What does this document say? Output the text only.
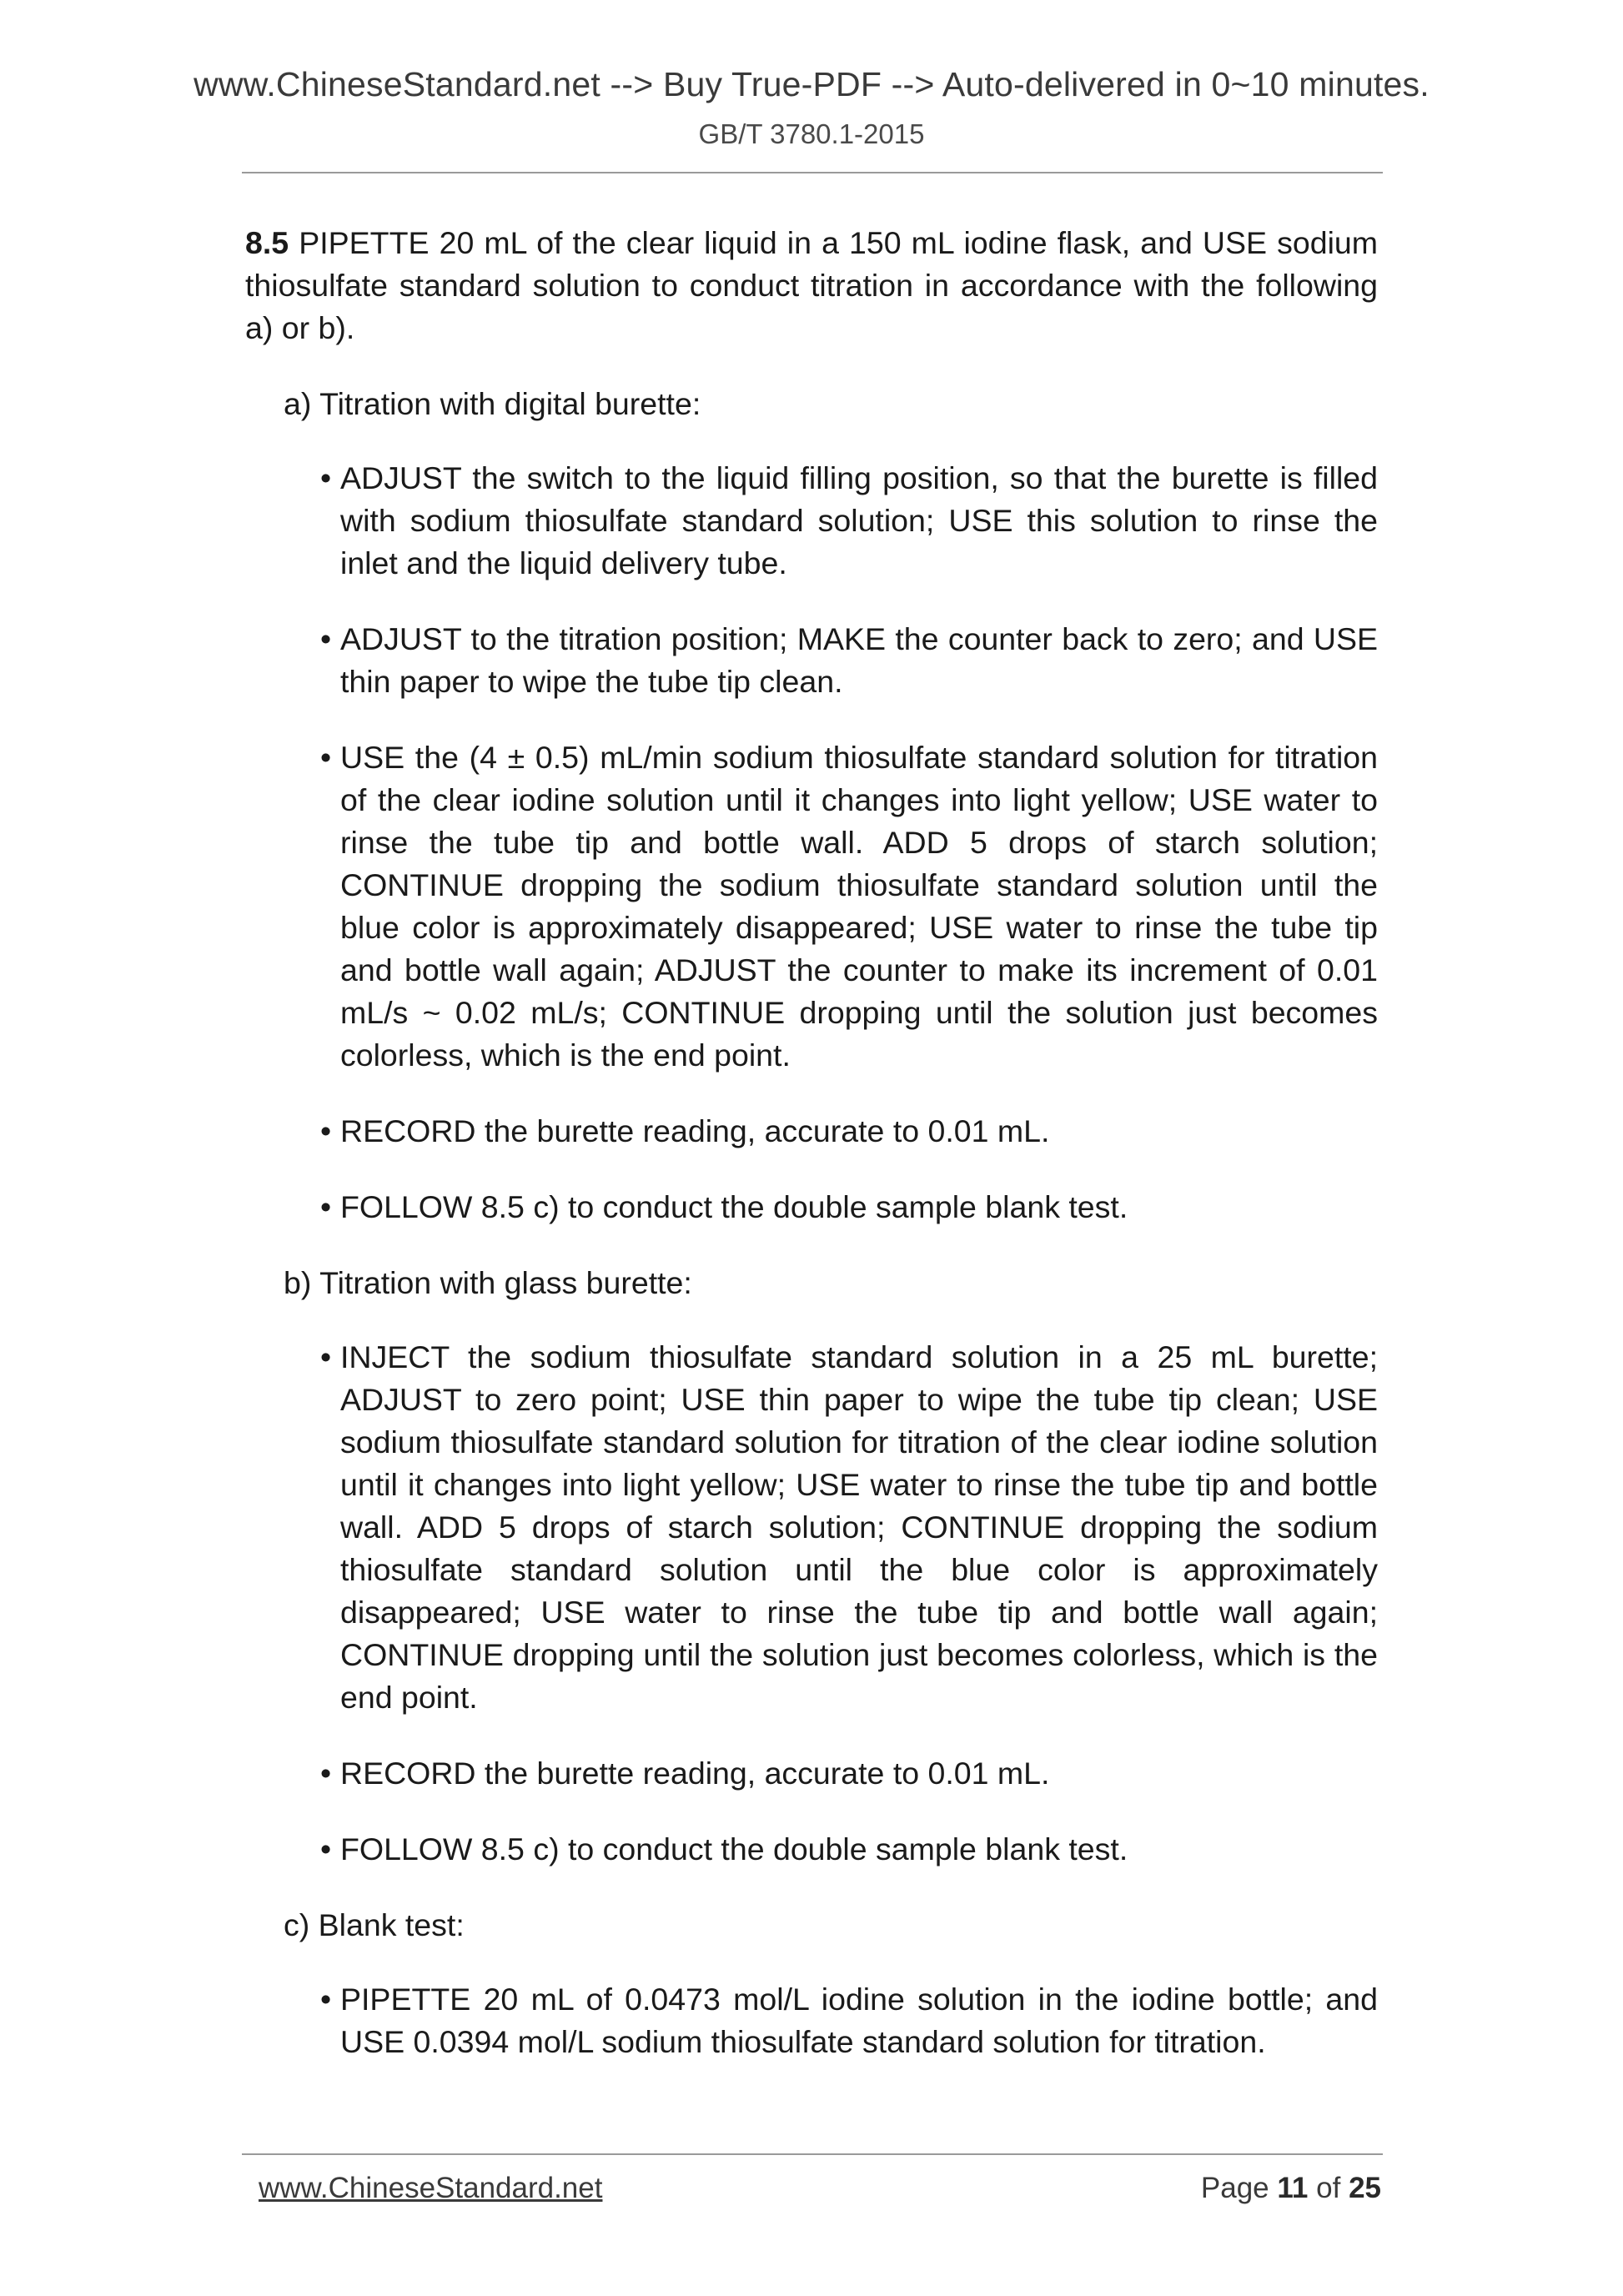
www.ChineseStandard.net --> Buy True-PDF --> Auto-delivered in 0~10 minutes.
GB/T 3780.1-2015

8.5 PIPETTE 20 mL of the clear liquid in a 150 mL iodine flask, and USE sodium thiosulfate standard solution to conduct titration in accordance with the following a) or b).

a) Titration with digital burette:
• ADJUST the switch to the liquid filling position, so that the burette is filled with sodium thiosulfate standard solution; USE this solution to rinse the inlet and the liquid delivery tube.
• ADJUST to the titration position; MAKE the counter back to zero; and USE thin paper to wipe the tube tip clean.
• USE the (4 ± 0.5) mL/min sodium thiosulfate standard solution for titration of the clear iodine solution until it changes into light yellow; USE water to rinse the tube tip and bottle wall. ADD 5 drops of starch solution; CONTINUE dropping the sodium thiosulfate standard solution until the blue color is approximately disappeared; USE water to rinse the tube tip and bottle wall again; ADJUST the counter to make its increment of 0.01 mL/s ~ 0.02 mL/s; CONTINUE dropping until the solution just becomes colorless, which is the end point.
• RECORD the burette reading, accurate to 0.01 mL.
• FOLLOW 8.5 c) to conduct the double sample blank test.
b) Titration with glass burette:
• INJECT the sodium thiosulfate standard solution in a 25 mL burette; ADJUST to zero point; USE thin paper to wipe the tube tip clean; USE sodium thiosulfate standard solution for titration of the clear iodine solution until it changes into light yellow; USE water to rinse the tube tip and bottle wall. ADD 5 drops of starch solution; CONTINUE dropping the sodium thiosulfate standard solution until the blue color is approximately disappeared; USE water to rinse the tube tip and bottle wall again; CONTINUE dropping until the solution just becomes colorless, which is the end point.
• RECORD the burette reading, accurate to 0.01 mL.
• FOLLOW 8.5 c) to conduct the double sample blank test.
c) Blank test:
• PIPETTE 20 mL of 0.0473 mol/L iodine solution in the iodine bottle; and USE 0.0394 mol/L sodium thiosulfate standard solution for titration.
www.ChineseStandard.net	Page 11 of 25
